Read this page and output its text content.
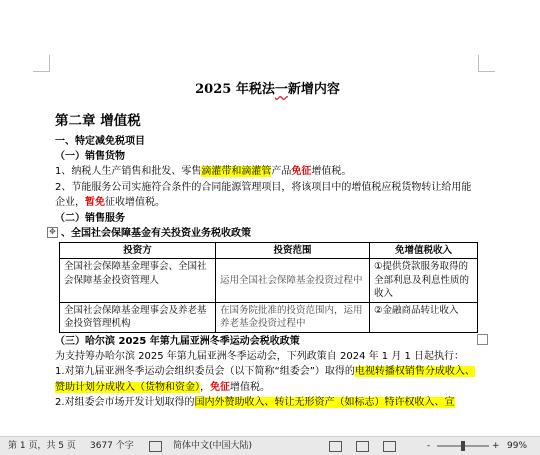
2025 年税法一新增内容
第二章 增值税
一、特定减免税项目
（一）销售货物
1、纳税人生产销售和批发、零售滴灌带和滴灌管产品免征增值税。
2、节能服务公司实施符合条件的合同能源管理项目，将该项目中的增值税应税货物转让给用能企业，暂免征收增值税。
（二）销售服务
✥ 、全国社会保障基金有关投资业务税收政策
投资方	投资范围	免增值税收入
全国社会保障基金理事会、全国社会保障基金投资管理人	运用全国社会保障基金投资过程中	①提供贷款服务取得的全部利息及利息性质的收入
全国社会保障基金理事会及养老基金投资管理机构	在国务院批准的投资范围内，运用养老基金投资过程中	②金融商品转让收入
（三）哈尔滨 2025 年第九届亚洲冬季运动会税收政策
为支持筹办哈尔滨 2025 年第九届亚洲冬季运动会，下列政策自 2024 年 1 月 1 日起执行：
1.对第九届亚洲冬季运动会组织委员会（以下简称“组委会”）取得的电视转播权销售分成收入、赞助计划分成收入（货物和资金），免征增值税。
2.对组委会市场开发计划取得的国内外赞助收入、转让无形资产（如标志）特许权收入、宣
第 1 页，共 5 页 3677 个字	简体中文(中国大陆)	-	+ 99%
